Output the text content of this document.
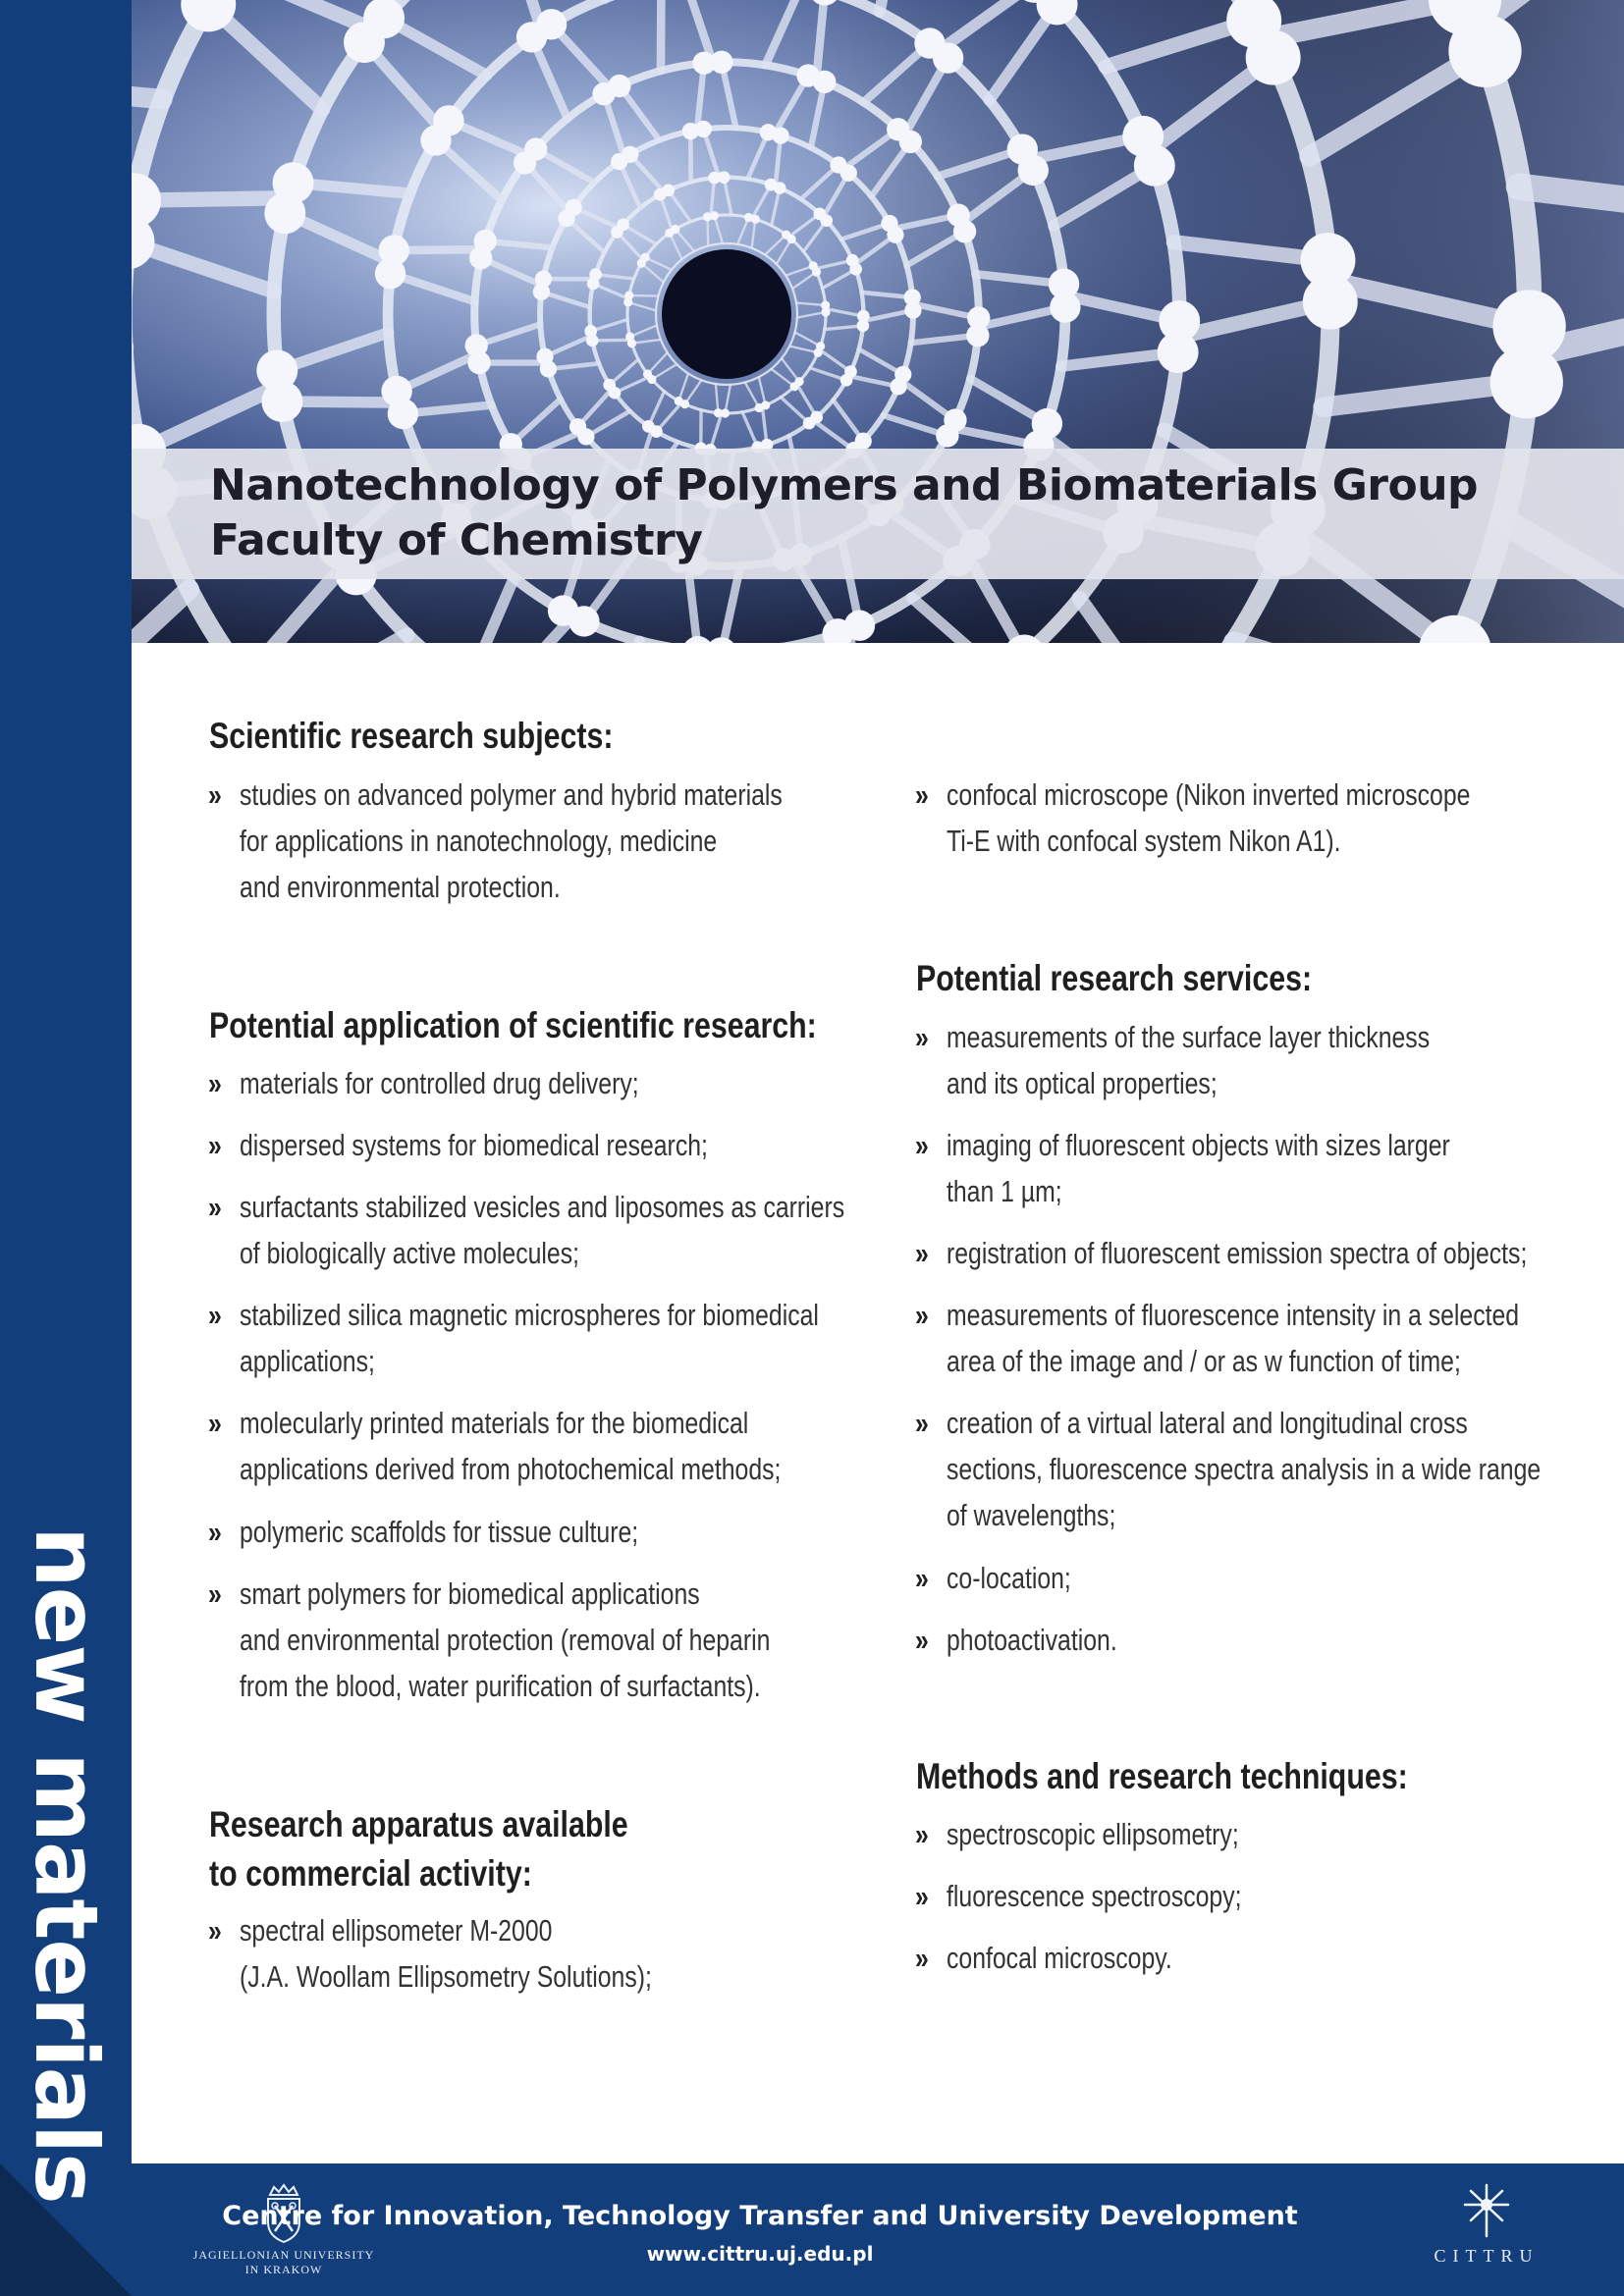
new materials
Nanotechnology of Polymers and Biomaterials Group
Faculty of Chemistry
Scientific research subjects:
Potential application of scientific research:
Research apparatus available
to commercial activity:
Potential research services:
Methods and research techniques:
» studies on advanced polymer and hybrid materials
for applications in nanotechnology, medicine
and environmental protection.
» materials for controlled drug delivery;
» dispersed systems for biomedical research;
» surfactants stabilized vesicles and liposomes as carriers
of biologically active molecules;
» stabilized silica magnetic microspheres for biomedical
applications;
» molecularly printed materials for the biomedical
applications derived from photochemical methods;
» polymeric scaffolds for tissue culture;
» smart polymers for biomedical applications
and environmental protection (removal of heparin
from the blood, water purification of surfactants).
» spectral ellipsometer M-2000
(J.A. Woollam Ellipsometry Solutions);
» confocal microscope (Nikon inverted microscope
Ti-E with confocal system Nikon A1).
» measurements of the surface layer thickness
and its optical properties;
» imaging of fluorescent objects with sizes larger
than 1 µm;
» registration of fluorescent emission spectra of objects;
» measurements of fluorescence intensity in a selected
area of the image and / or as w function of time;
» creation of a virtual lateral and longitudinal cross
sections, fluorescence spectra analysis in a wide range
of wavelengths;
» co-location;
» photoactivation.
» spectroscopic ellipsometry;
» fluorescence spectroscopy;
» confocal microscopy.
JAGIELLONIAN UNIVERSITY
IN KRAKOW
Centre for Innovation, Technology Transfer and University Development
www.cittru.uj.edu.pl	CITTRU
